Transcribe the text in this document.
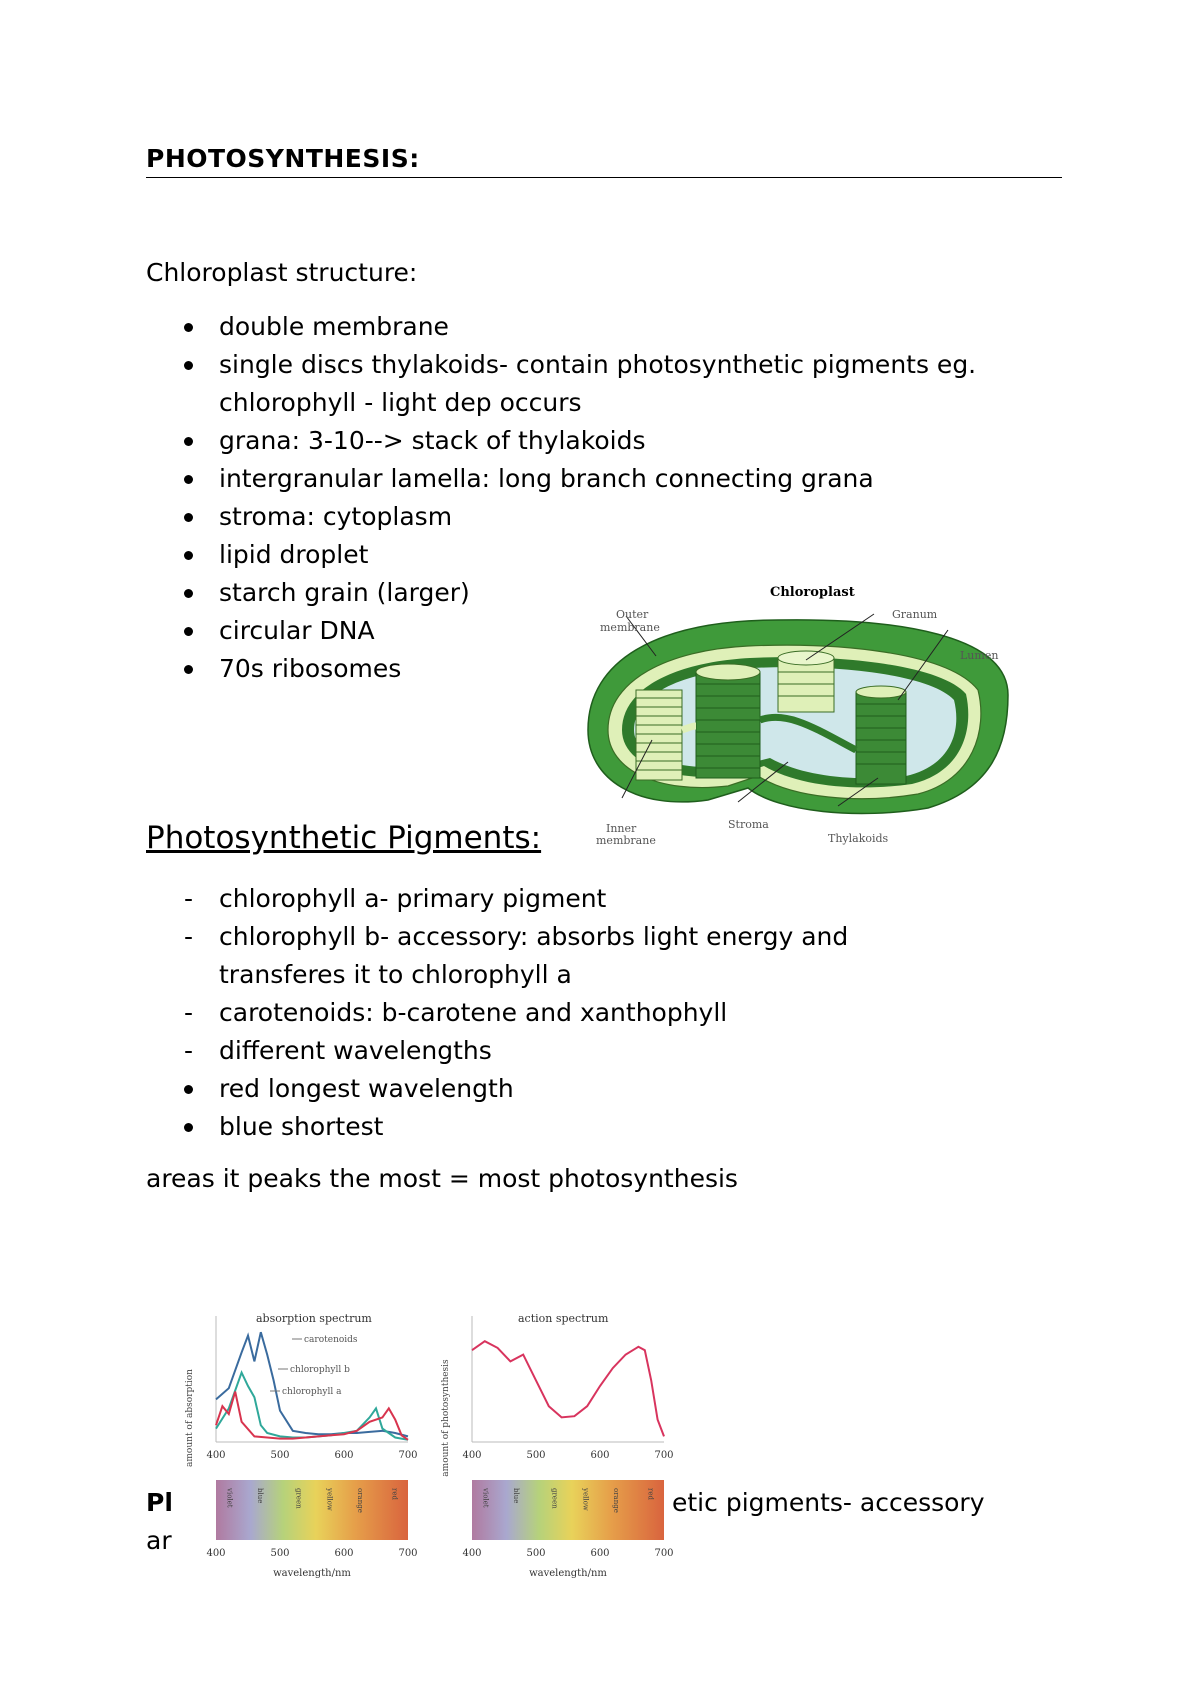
PHOTOSYNTHESIS:

Chloroplast structure:

double membrane
single discs thylakoids- contain photosynthetic pigments eg. chlorophyll - light dep occurs
grana: 3-10--> stack of thylakoids
intergranular lamella: long branch connecting grana
stroma: cytoplasm
lipid droplet
starch grain (larger)
circular DNA
70s ribosomes
Chloroplast
Outer
membrane
Granum
Lumen
Inner
membrane
Stroma
Thylakoids
Photosynthetic Pigments:
chlorophyll a- primary pigment
chlorophyll b- accessory: absorbs light energy and transferes it to chlorophyll a
carotenoids: b-carotene and xanthophyll
different wavelengths
red longest wavelength
blue shortest

areas it peaks the most = most photosynthesis

Pl	etic pigments- accessory

ar

absorption spectrum
amount of absorption 400	500	600	700
carotenoids
chlorophyll b
chlorophyll a
action spectrum
amount of photosynthesis 400	500	600	700
violet	blue	green	yellow	orange	red	violet	blue	green	yellow	orange	red
400	500	600	700
wavelength/nm
400	500	600	700
wavelength/nm
